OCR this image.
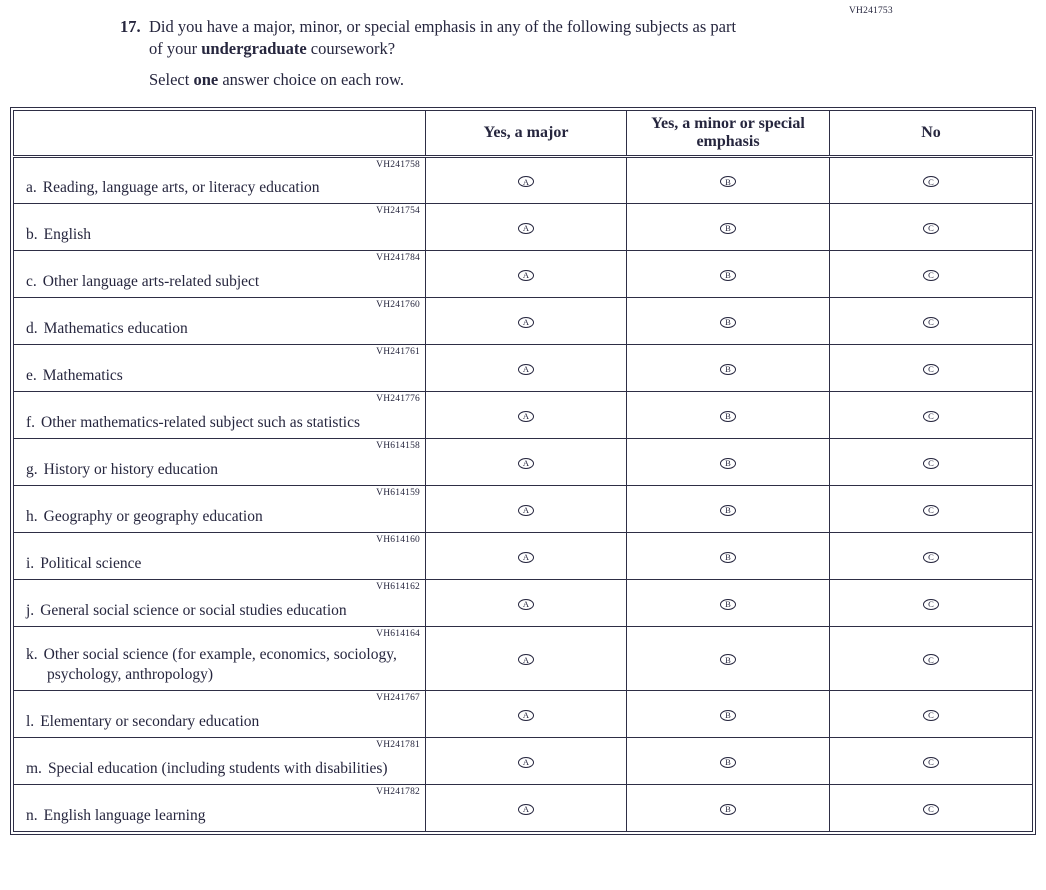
VH241753
17. Did you have a major, minor, or special emphasis in any of the following subjects as part
of your undergraduate coursework?
Select one answer choice on each row.
	Yes, a major	Yes, a minor or special emphasis	No

VH241758
a. Reading, language arts, or literacy education	A	B	C

VH241754
b. English	A	B	C

VH241784
c. Other language arts-related subject	A	B	C

VH241760
d. Mathematics education	A	B	C

VH241761
e. Mathematics	A	B	C

VH241776
f. Other mathematics-related subject such as statistics	A	B	C

VH614158
g. History or history education	A	B	C

VH614159
h. Geography or geography education	A	B	C

VH614160
i. Political science	A	B	C

VH614162
j. General social science or social studies education	A	B	C

VH614164
k. Other social science (for example, economics, sociology, psychology, anthropology)	A	B	C

VH241767
l. Elementary or secondary education	A	B	C

VH241781
m. Special education (including students with disabilities)	A	B	C

VH241782
n. English language learning	A	B	C
